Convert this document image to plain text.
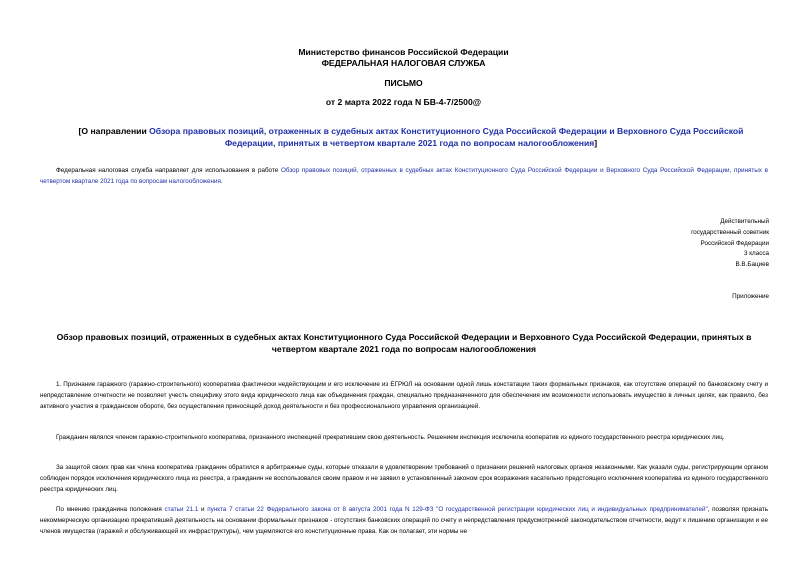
Министерство финансов Российской Федерации
ФЕДЕРАЛЬНАЯ НАЛОГОВАЯ СЛУЖБА
ПИСЬМО
от 2 марта 2022 года N БВ-4-7/2500@
[О направлении Обзора правовых позиций, отраженных в судебных актах Конституционного Суда Российской Федерации и Верховного Суда Российской Федерации, принятых в четвертом квартале 2021 года по вопросам налогообложения]
Федеральная налоговая служба направляет для использования в работе Обзор правовых позиций, отраженных в судебных актах Конституционного Суда Российской Федерации и Верховного Суда Российской Федерации, принятых в четвертом квартале 2021 года по вопросам налогообложения.
Действительный
государственный советник
Российской Федерации
3 класса
В.В.Бациев
Приложение
Обзор правовых позиций, отраженных в судебных актах Конституционного Суда Российской Федерации и Верховного Суда Российской Федерации, принятых в четвертом квартале 2021 года по вопросам налогообложения
1. Признание гаражного (гаражно-строительного) кооператива фактически недействующим и его исключение из ЕГРЮЛ на основании одной лишь констатации таких формальных признаков, как отсутствие операций по банковскому счету и непредставление отчетности не позволяет учесть специфику этого вида юридического лица как объединения граждан, специально предназначенного для обеспечения им возможности использовать имущество в личных целях, как правило, без активного участия в гражданском обороте, без осуществления приносящей доход деятельности и без профессионального управления организацией.
Гражданин являлся членом гаражно-строительного кооператива, признанного инспекцией прекратившим свою деятельность. Решением инспекция исключила кооператив из единого государственного реестра юридических лиц.
За защитой своих прав как члена кооператива гражданин обратился в арбитражные суды, которые отказали в удовлетворении требований о признании решений налоговых органов незаконными. Как указали суды, регистрирующим органом соблюден порядок исключения юридического лица из реестра, а гражданин не воспользовался своим правом и не заявил в установленный законом срок возражения касательно предстоящего исключения кооператива из единого государственного реестра юридических лиц.
По мнению гражданина положения статьи 21.1 и пункта 7 статьи 22 Федерального закона от 8 августа 2001 года N 129-ФЗ "О государственной регистрации юридических лиц и индивидуальных предпринимателей", позволяя признать некоммерческую организацию прекратившей деятельность на основании формальных признаков - отсутствия банковских операций по счету и непредставления предусмотренной законодательством отчетности, ведут к лишению организации и ее членов имущества (гаражей и обслуживающей их инфраструктуры), чем ущемляются его конституционные права. Как он полагает, эти нормы не
